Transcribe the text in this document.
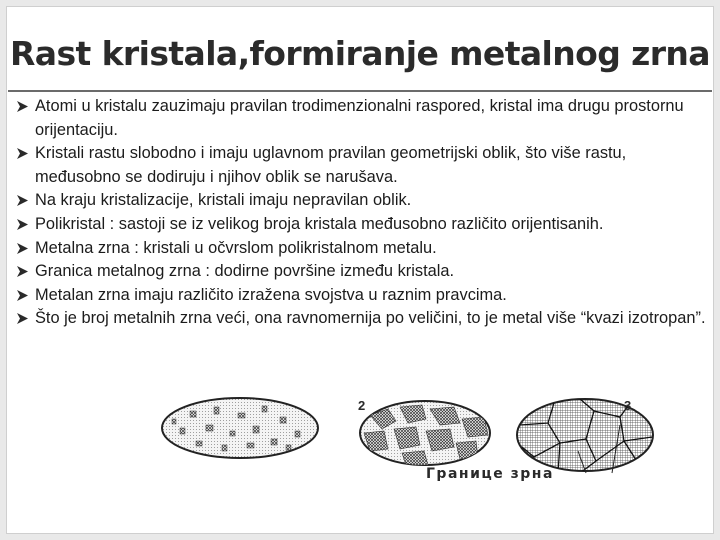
Rast kristala,formiranje metalnog zrna
Atomi u kristalu zauzimaju pravilan trodimenzionalni raspored, kristal ima drugu prostornu orijentaciju.
Kristali rastu slobodno i imaju uglavnom pravilan geometrijski oblik, što više rastu, međusobno se dodiruju i njihov oblik se narušava.
Na kraju kristalizacije, kristali imaju nepravilan oblik.
Polikristal : sastoji se iz velikog broja kristala međusobno različito orijentisanih.
Metalna zrna : kristali u očvrslom polikristalnom metalu.
Granica metalnog zrna : dodirne površine između kristala.
Metalan zrna imaju različito izražena svojstva u raznim pravcima.
Što je broj metalnih zrna veći, ona ravnomernija po veličini, to je metal više “kvazi izotropan”.
2	3
Границе зрна
